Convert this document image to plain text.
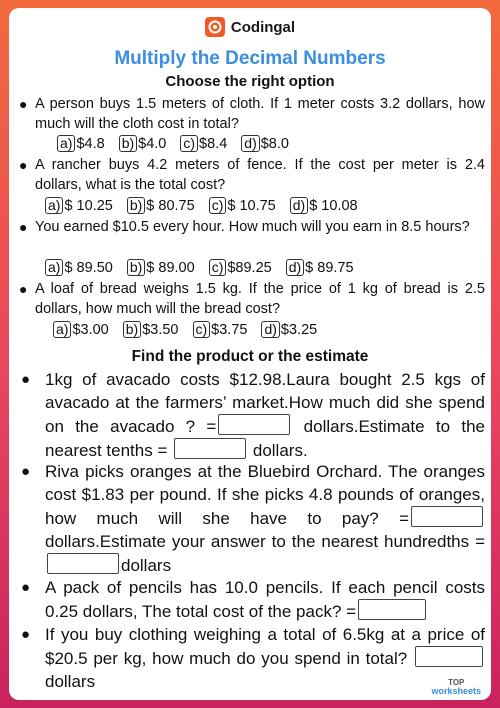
Codingal
Multiply the Decimal Numbers
Choose the right option
● A person buys 1.5 meters of cloth. If 1 meter costs 3.2 dollars, how much will the cloth cost in total?
a) $4.8 b) $4.0 c) $8.4 d) $8.0
● A rancher buys 4.2 meters of fence. If the cost per meter is 2.4 dollars, what is the total cost?
a) $ 10.25 b) $ 80.75 c) $ 10.75 d) $ 10.08
● You earned $10.5 every hour. How much will you earn in 8.5 hours?
a) $ 89.50 b) $ 89.00 c) $89.25 d) $ 89.75
● A loaf of bread weighs 1.5 kg. If the price of 1 kg of bread is 2.5 dollars, how much will the bread cost?
a) $3.00 b) $3.50 c) $3.75 d) $3.25
Find the product or the estimate
● 1kg of avacado costs $12.98.Laura bought 2.5 kgs of avacado at the farmers’ market.How much did she spend on the avacado ? =	dollars.Estimate to the nearest tenths =	dollars.
● Riva picks oranges at the Bluebird Orchard. The oranges cost $1.83 per pound. If she picks 4.8 pounds of oranges, how much will she have to pay? = dollars.Estimate your answer to the nearest hundredths =dollars
● A pack of pencils has 10.0 pencils. If each pencil costs 0.25 dollars, The total cost of the pack? =
● If you buy clothing weighing a total of 6.5kg at a price of $20.5 per kg, how much do you spend in total? dollars	TOP
worksheets
